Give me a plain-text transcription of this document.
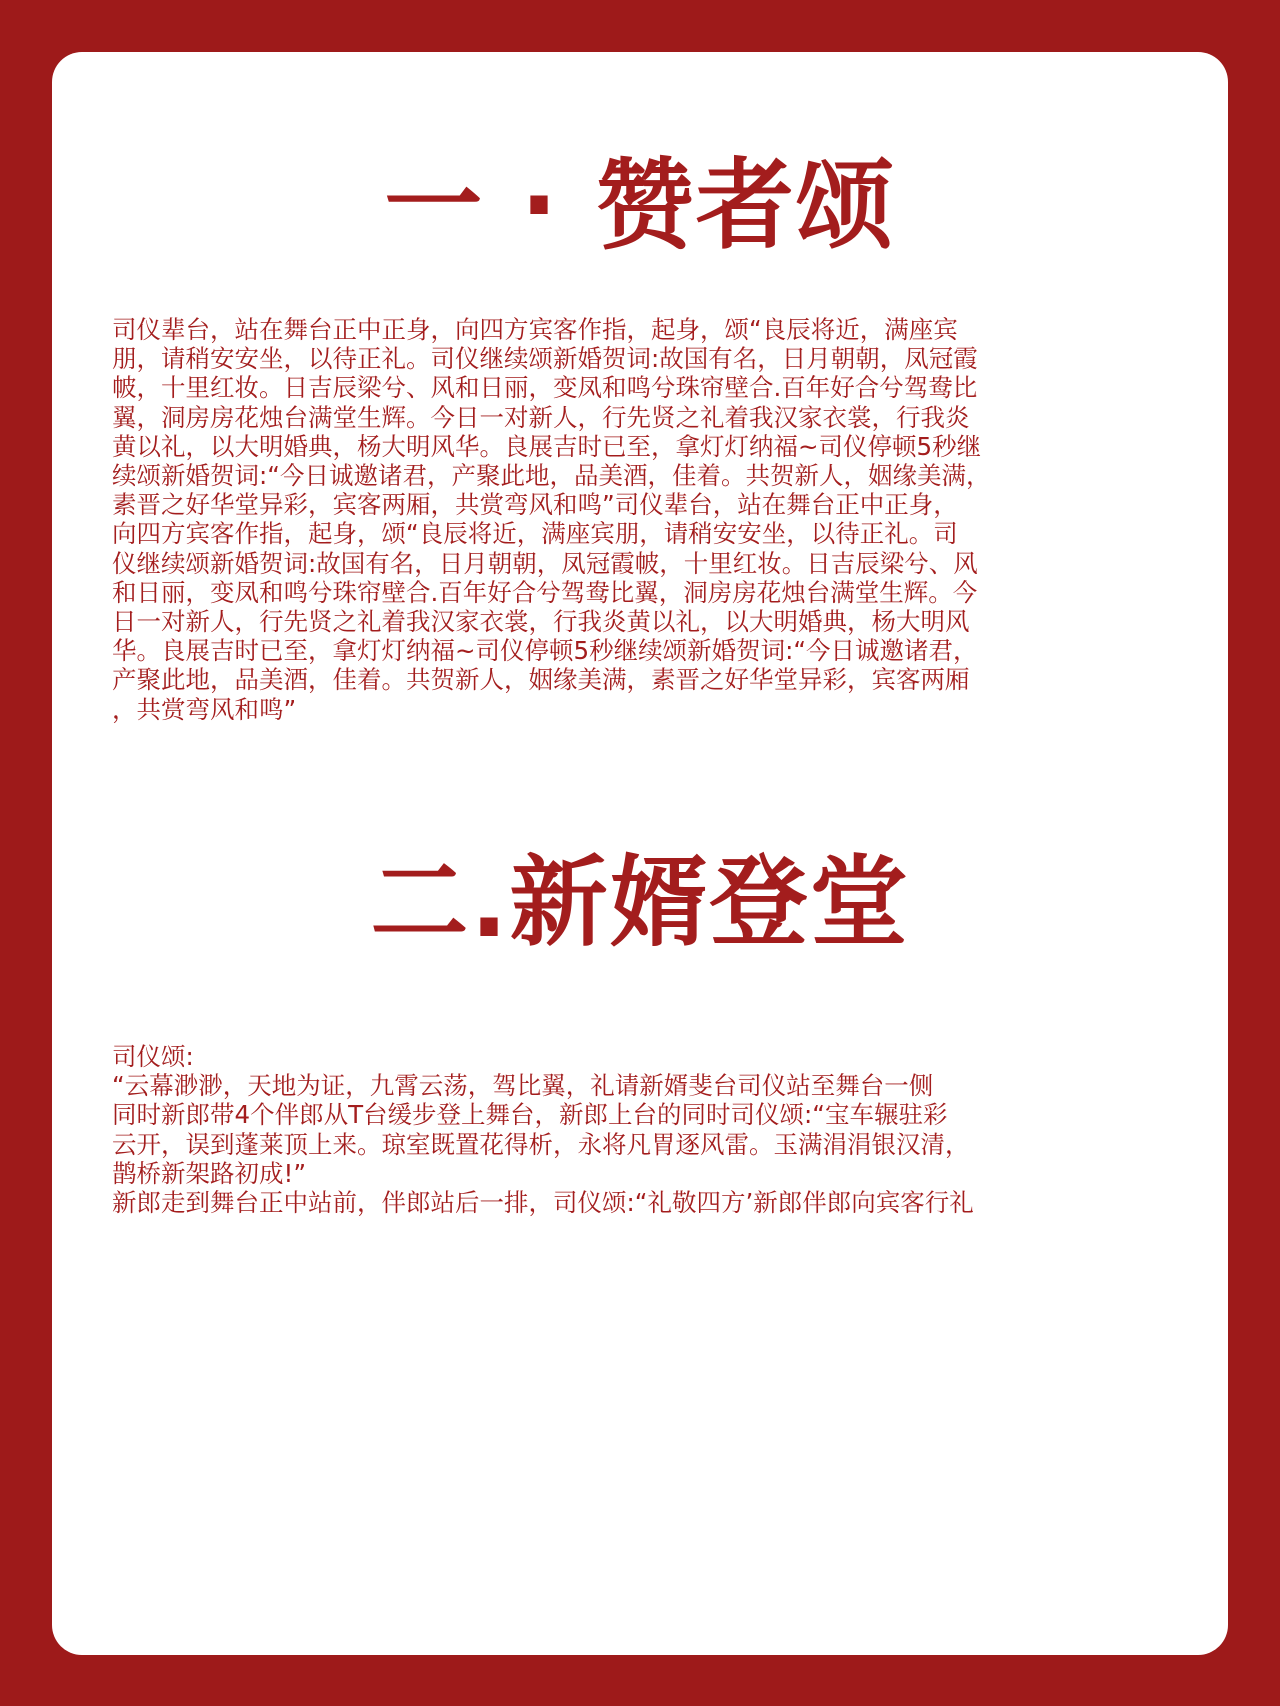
一 · 赞者颂
司仪辈台，站在舞台正中正身，向四方宾客作指，起身，颂“良辰将近，满座宾
朋，请稍安安坐，以待正礼。司仪继续颂新婚贺词:故国有名，日月朝朝，凤冠霞
帔，十里红妆。日吉辰梁兮、风和日丽，变凤和鸣兮珠帘壁合.百年好合兮驾鸯比
翼，洞房房花烛台满堂生辉。今日一对新人，行先贤之礼着我汉家衣裳，行我炎
黄以礼，以大明婚典，杨大明风华。良展吉时已至，拿灯灯纳福~司仪停顿5秒继
续颂新婚贺词:“今日诚邀诸君，产聚此地，品美酒，佳着。共贺新人，姻缘美满，
素晋之好华堂异彩，宾客两厢，共赏弯风和鸣”司仪辈台，站在舞台正中正身，
向四方宾客作指，起身，颂“良辰将近，满座宾朋，请稍安安坐，以待正礼。司
仪继续颂新婚贺词:故国有名，日月朝朝，凤冠霞帔，十里红妆。日吉辰梁兮、风
和日丽，变凤和鸣兮珠帘壁合.百年好合兮驾鸯比翼，洞房房花烛台满堂生辉。今
日一对新人，行先贤之礼着我汉家衣裳，行我炎黄以礼，以大明婚典，杨大明风
华。良展吉时已至，拿灯灯纳福~司仪停顿5秒继续颂新婚贺词:“今日诚邀诸君，
产聚此地，品美酒，佳着。共贺新人，姻缘美满，素晋之好华堂异彩，宾客两厢
，共赏弯风和鸣”
二.新婿登堂
司仪颂:
“云幕渺渺，天地为证，九霄云荡，驾比翼，礼请新婿斐台司仪站至舞台一侧
同时新郎带4个伴郎从T台缓步登上舞台，新郎上台的同时司仪颂:“宝车辗驻彩
云开，误到蓬莱顶上来。琼室既置花得析，永将凡胃逐风雷。玉满涓涓银汉清，
鹊桥新架路初成!”
新郎走到舞台正中站前，伴郎站后一排，司仪颂:“礼敬四方’新郎伴郎向宾客行礼
